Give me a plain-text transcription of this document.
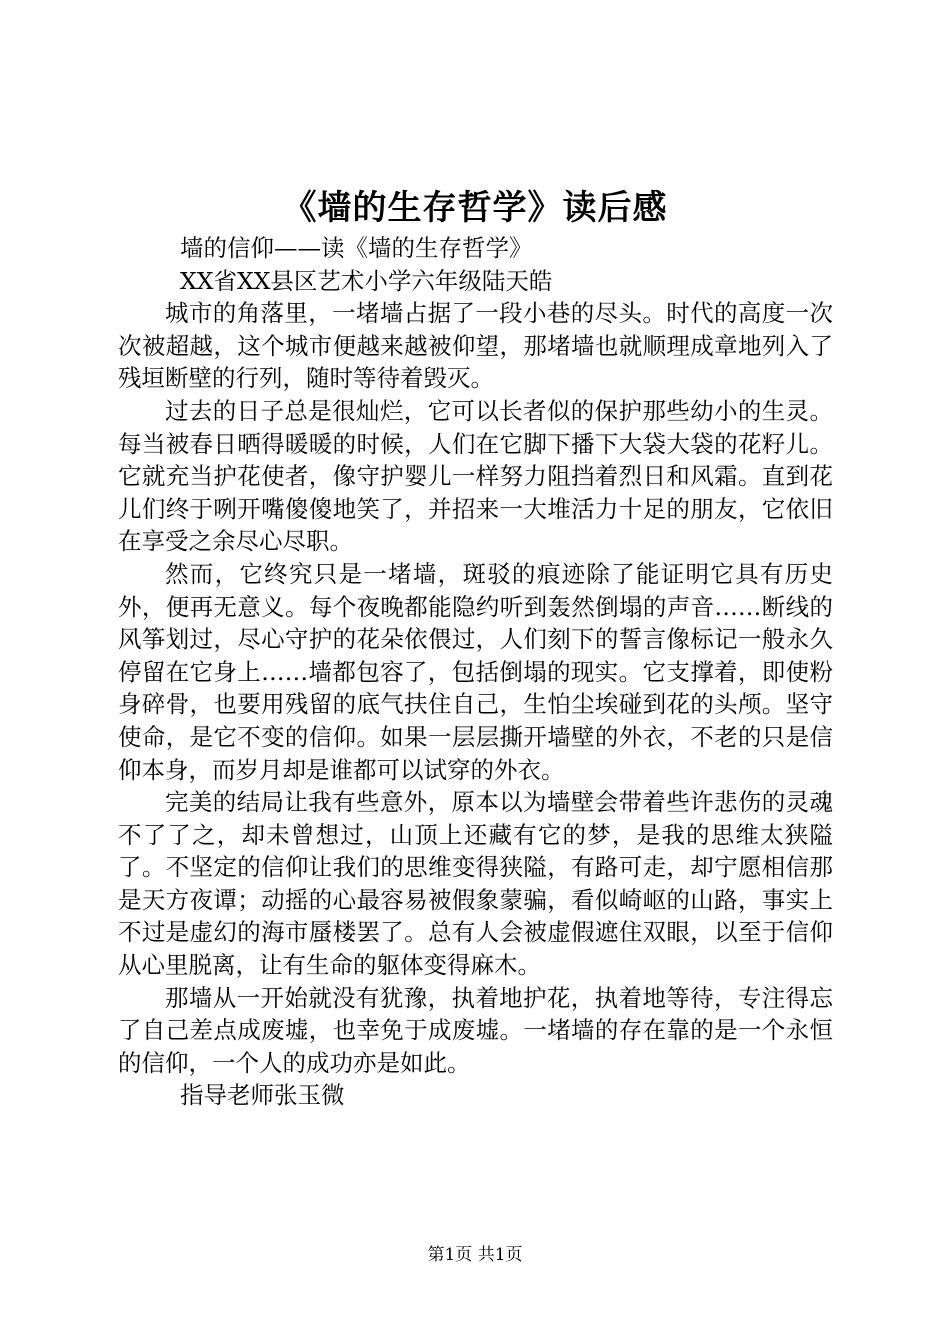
《墙的生存哲学》读后感

墙的信仰——读《墙的生存哲学》

XX省XX县区艺术小学六年级陆天皓

城市的角落里，一堵墙占据了一段小巷的尽头。时代的高度一次次被超越，这个城市便越来越被仰望，那堵墙也就顺理成章地列入了残垣断壁的行列，随时等待着毁灭。

过去的日子总是很灿烂，它可以长者似的保护那些幼小的生灵。每当被春日晒得暖暖的时候，人们在它脚下播下大袋大袋的花籽儿。它就充当护花使者，像守护婴儿一样努力阻挡着烈日和风霜。直到花儿们终于咧开嘴傻傻地笑了，并招来一大堆活力十足的朋友，它依旧在享受之余尽心尽职。

然而，它终究只是一堵墙，斑驳的痕迹除了能证明它具有历史外，便再无意义。每个夜晚都能隐约听到轰然倒塌的声音……断线的风筝划过，尽心守护的花朵依偎过，人们刻下的誓言像标记一般永久停留在它身上……墙都包容了，包括倒塌的现实。它支撑着，即使粉身碎骨，也要用残留的底气扶住自己，生怕尘埃碰到花的头颅。坚守使命，是它不变的信仰。如果一层层撕开墙壁的外衣，不老的只是信仰本身，而岁月却是谁都可以试穿的外衣。

完美的结局让我有些意外，原本以为墙壁会带着些许悲伤的灵魂不了了之，却未曾想过，山顶上还藏有它的梦，是我的思维太狭隘了。不坚定的信仰让我们的思维变得狭隘，有路可走，却宁愿相信那是天方夜谭；动摇的心最容易被假象蒙骗，看似崎岖的山路，事实上不过是虚幻的海市蜃楼罢了。总有人会被虚假遮住双眼，以至于信仰从心里脱离，让有生命的躯体变得麻木。

那墙从一开始就没有犹豫，执着地护花，执着地等待，专注得忘了自己差点成废墟，也幸免于成废墟。一堵墙的存在靠的是一个永恒的信仰，一个人的成功亦是如此。

指导老师张玉微

第1页 共1页
